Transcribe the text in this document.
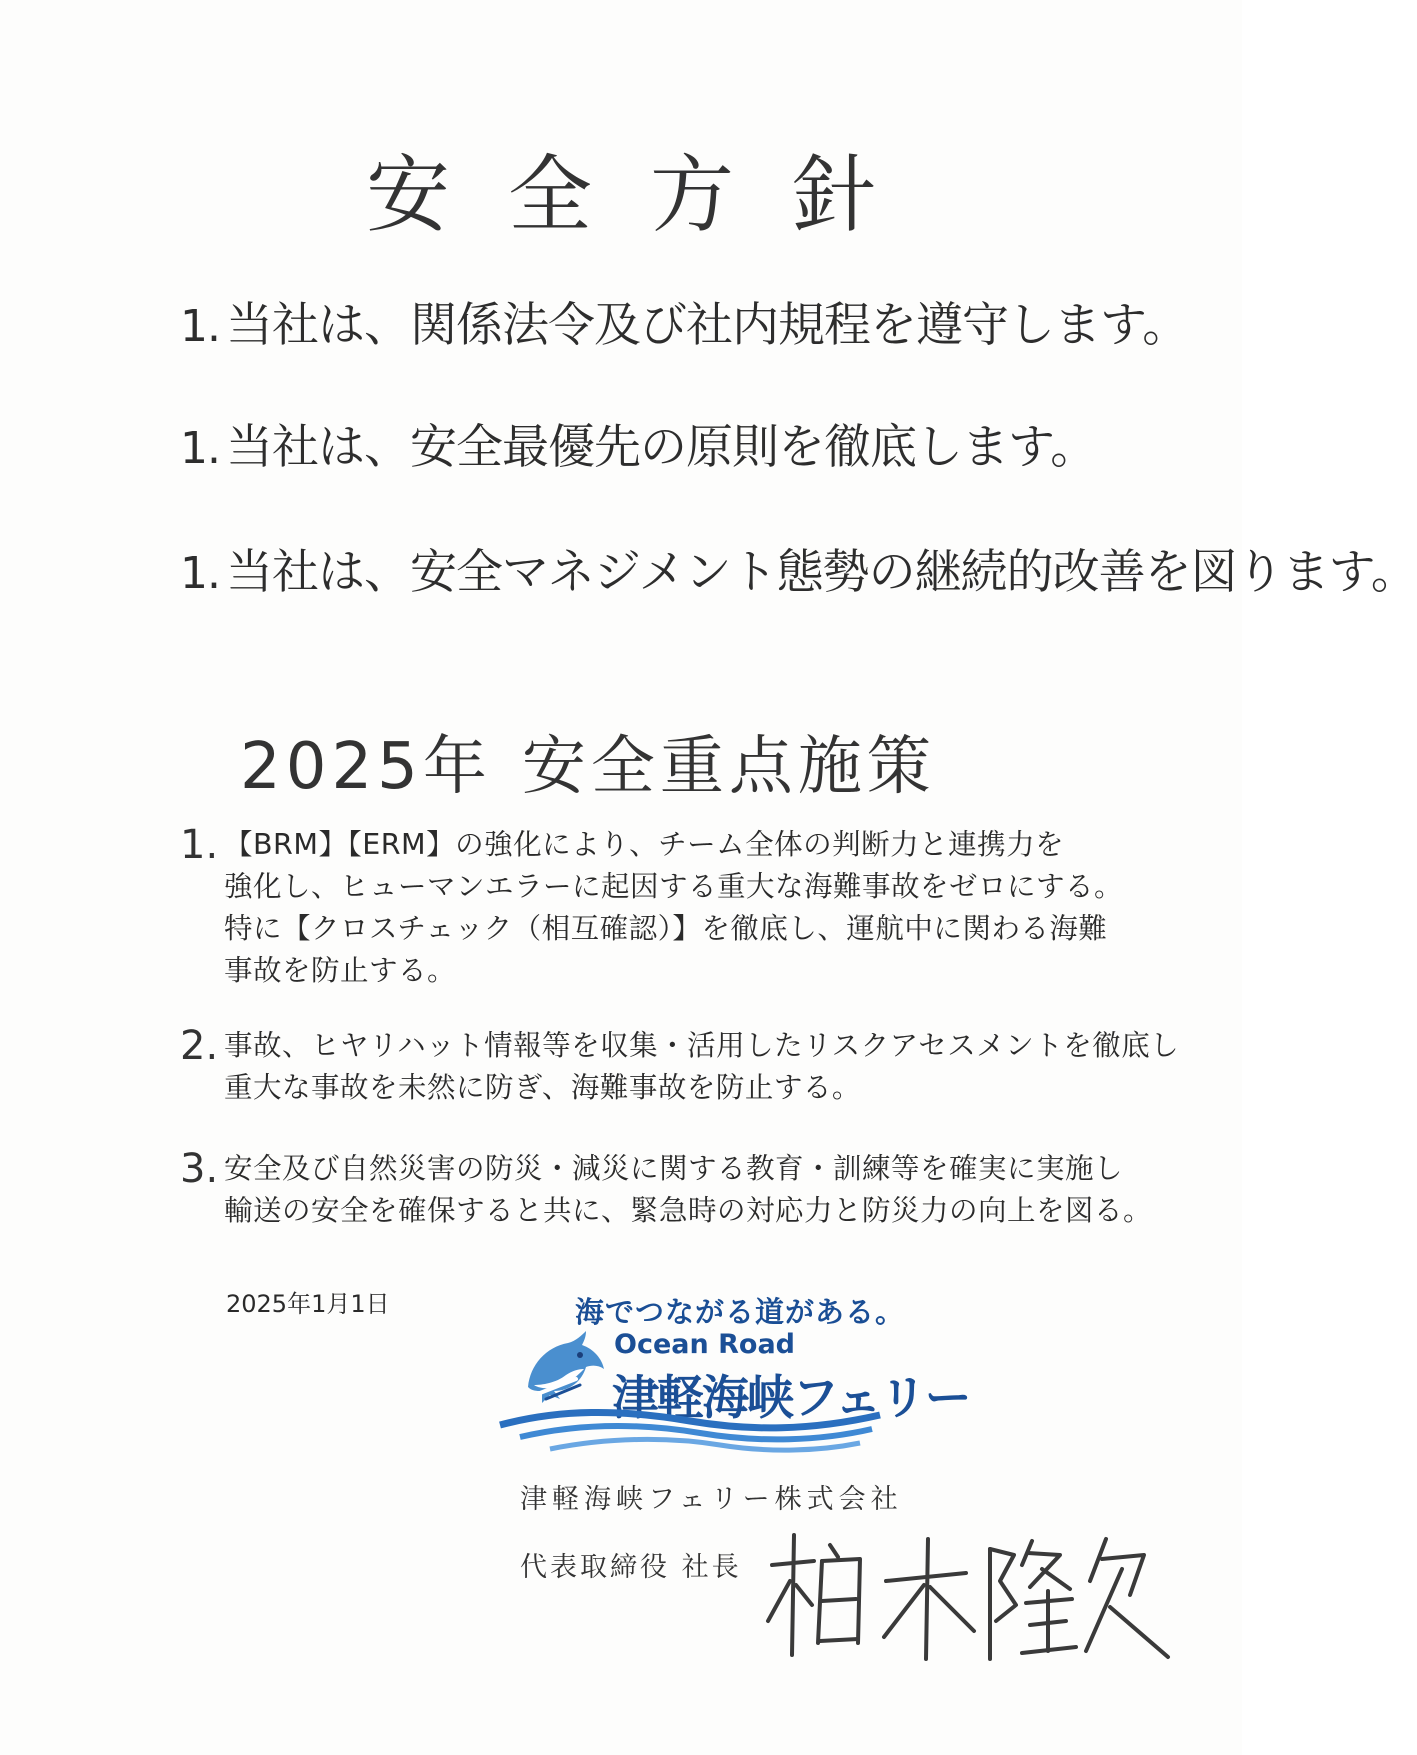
安全方針
1. 当社は、関係法令及び社内規程を遵守します。
1. 当社は、安全最優先の原則を徹底します。
1. 当社は、安全マネジメント態勢の継続的改善を図ります。
2025年 安全重点施策
1. 【BRM】【ERM】の強化により、チーム全体の判断力と連携力を
強化し、ヒューマンエラーに起因する重大な海難事故をゼロにする。
特に【クロスチェック（相互確認）】を徹底し、運航中に関わる海難
事故を防止する。
2. 事故、ヒヤリハット情報等を収集・活用したリスクアセスメントを徹底し
重大な事故を未然に防ぎ、海難事故を防止する。
3. 安全及び自然災害の防災・減災に関する教育・訓練等を確実に実施し
輸送の安全を確保すると共に、緊急時の対応力と防災力の向上を図る。
2025年1月1日	海でつながる道がある。
Ocean Road
津軽海峡フェリー
津軽海峡フェリー株式会社
代表取締役 社長
